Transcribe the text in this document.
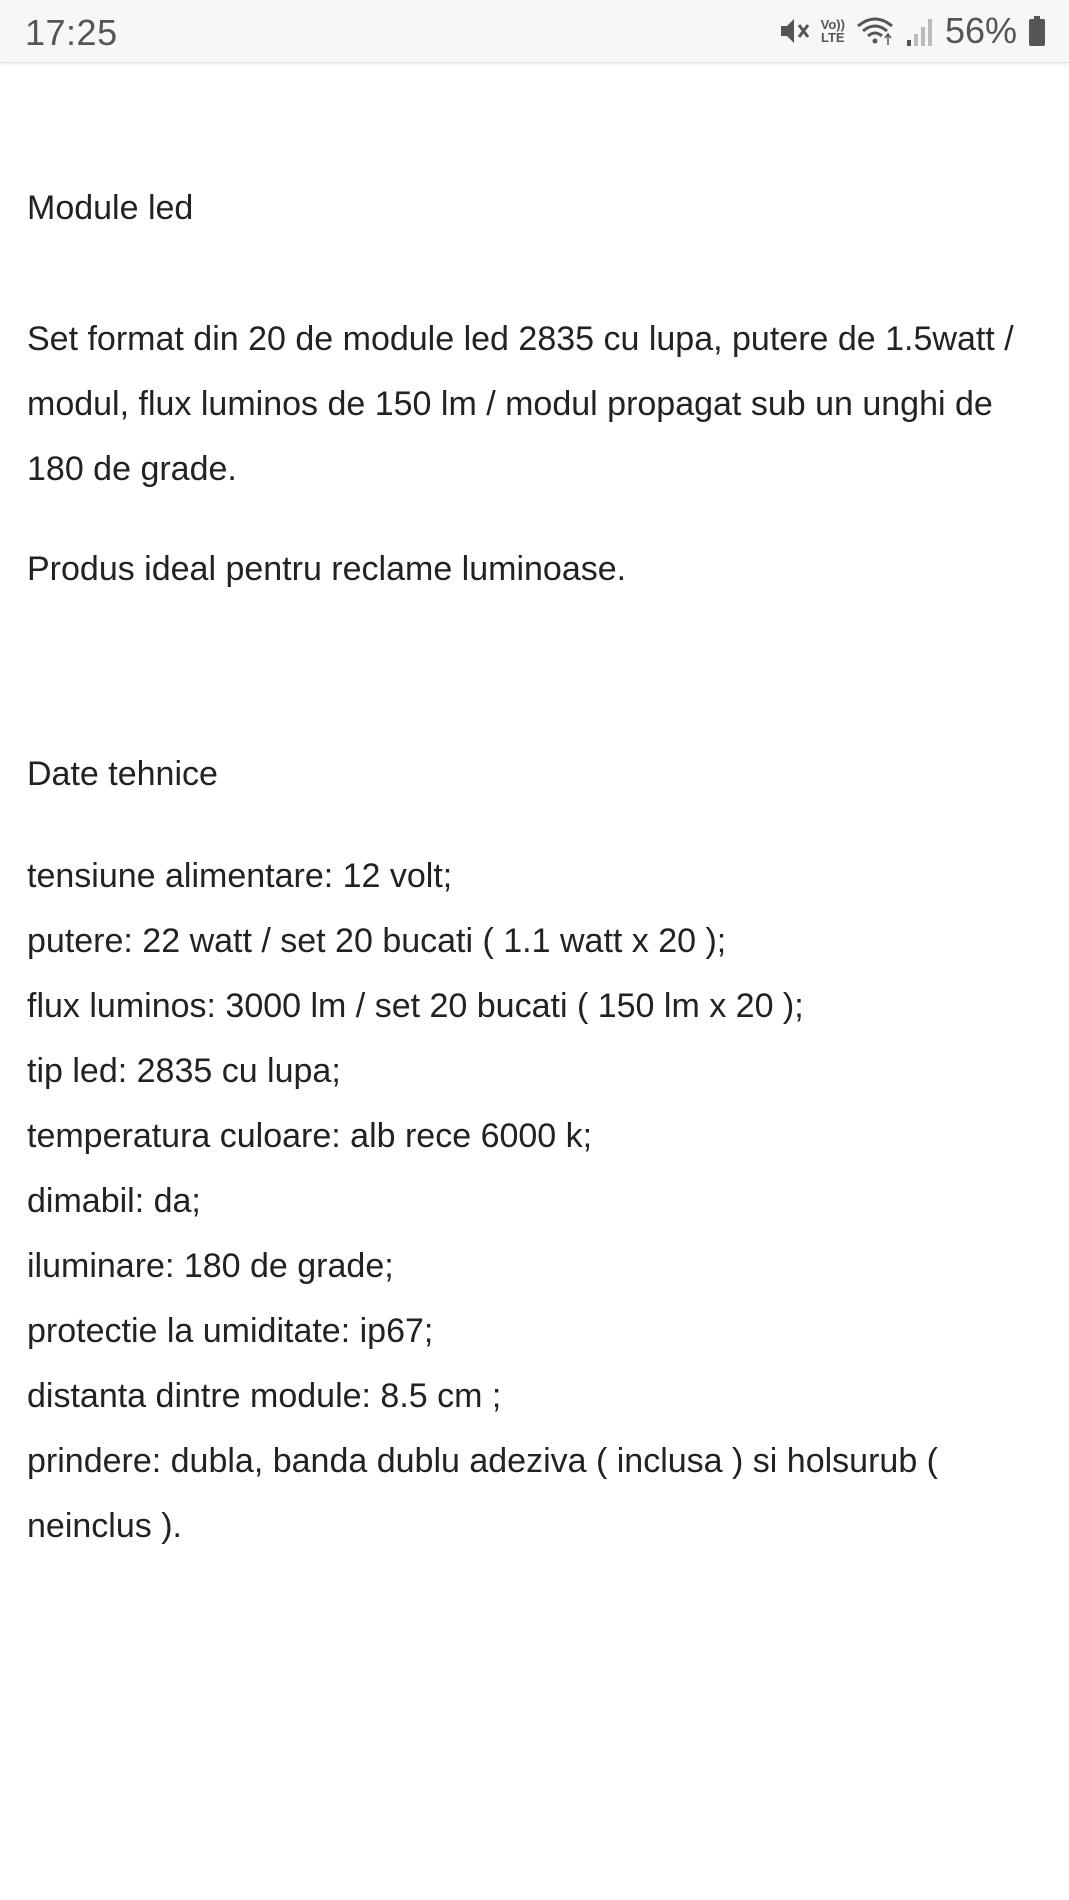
17:25	Vo))
LTE	56%
Module led
Set format din 20 de module led 2835 cu lupa, putere de 1.5watt / modul, flux luminos de 150 lm / modul propagat sub un unghi de 180 de grade.
Produs ideal pentru reclame luminoase.
Date tehnice
tensiune alimentare: 12 volt;
putere: 22 watt / set 20 bucati ( 1.1 watt x 20 );
flux luminos: 3000 lm / set 20 bucati ( 150 lm x 20 );
tip led: 2835 cu lupa;
temperatura culoare: alb rece 6000 k;
dimabil: da;
iluminare: 180 de grade;
protectie la umiditate: ip67;
distanta dintre module: 8.5 cm ;
prindere: dubla, banda dublu adeziva ( inclusa ) si holsurub ( neinclus ).
